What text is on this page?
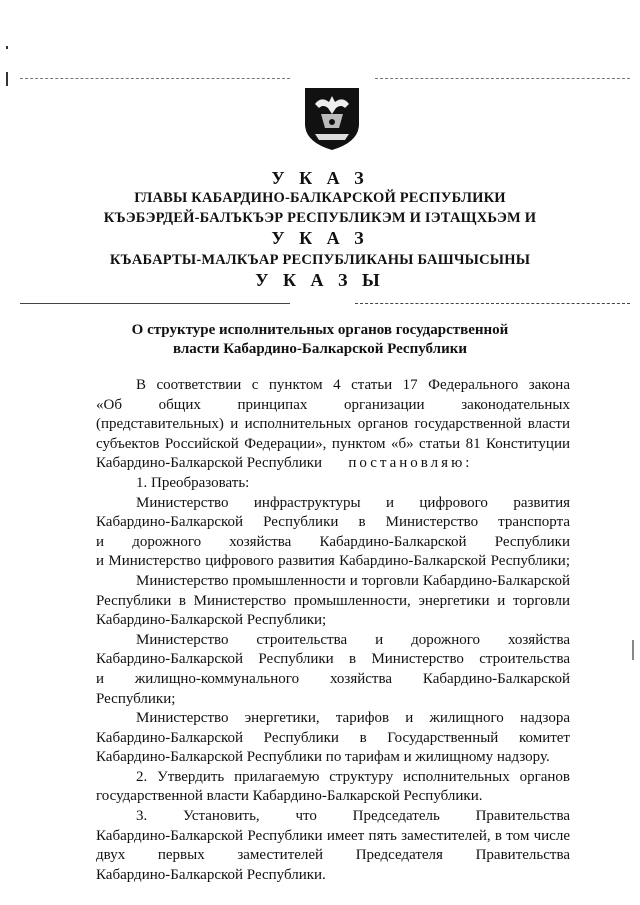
У К А З
ГЛАВЫ КАБАРДИНО-БАЛКАРСКОЙ РЕСПУБЛИКИ
КЪЭБЭРДЕЙ-БАЛЪКЪЭР РЕСПУБЛИКЭМ И ІЭТАЩХЬЭМ И
У К А З
КЪАБАРТЫ-МАЛКЪАР РЕСПУБЛИКАНЫ БАШЧЫСЫНЫ
У К А З Ы
О структуре исполнительных органов государственной
власти Кабардино-Балкарской Республики

В соответствии с пунктом 4 статьи 17 Федерального закона

«Об общих принципах организации законодательных

(представительных) и исполнительных органов государственной власти

субъектов Российской Федерации», пунктом «б» статьи 81 Конституции

Кабардино-Балкарской Республики постановляю:

1. Преобразовать:

Министерство инфраструктуры и цифрового развития

Кабардино-Балкарской Республики в Министерство транспорта

и дорожного хозяйства Кабардино-Балкарской Республики

и Министерство цифрового развития Кабардино-Балкарской Республики;

Министерство промышленности и торговли Кабардино-Балкарской

Республики в Министерство промышленности, энергетики и торговли

Кабардино-Балкарской Республики;

Министерство строительства и дорожного хозяйства

Кабардино-Балкарской Республики в Министерство строительства

и жилищно-коммунального хозяйства Кабардино-Балкарской Республики;

Министерство энергетики, тарифов и жилищного надзора

Кабардино-Балкарской Республики в Государственный комитет

Кабардино-Балкарской Республики по тарифам и жилищному надзору.

2. Утвердить прилагаемую структуру исполнительных органов

государственной власти Кабардино-Балкарской Республики.

3. Установить, что Председатель Правительства

Кабардино-Балкарской Республики имеет пять заместителей, в том числе

двух первых заместителей Председателя Правительства

Кабардино-Балкарской Республики.
